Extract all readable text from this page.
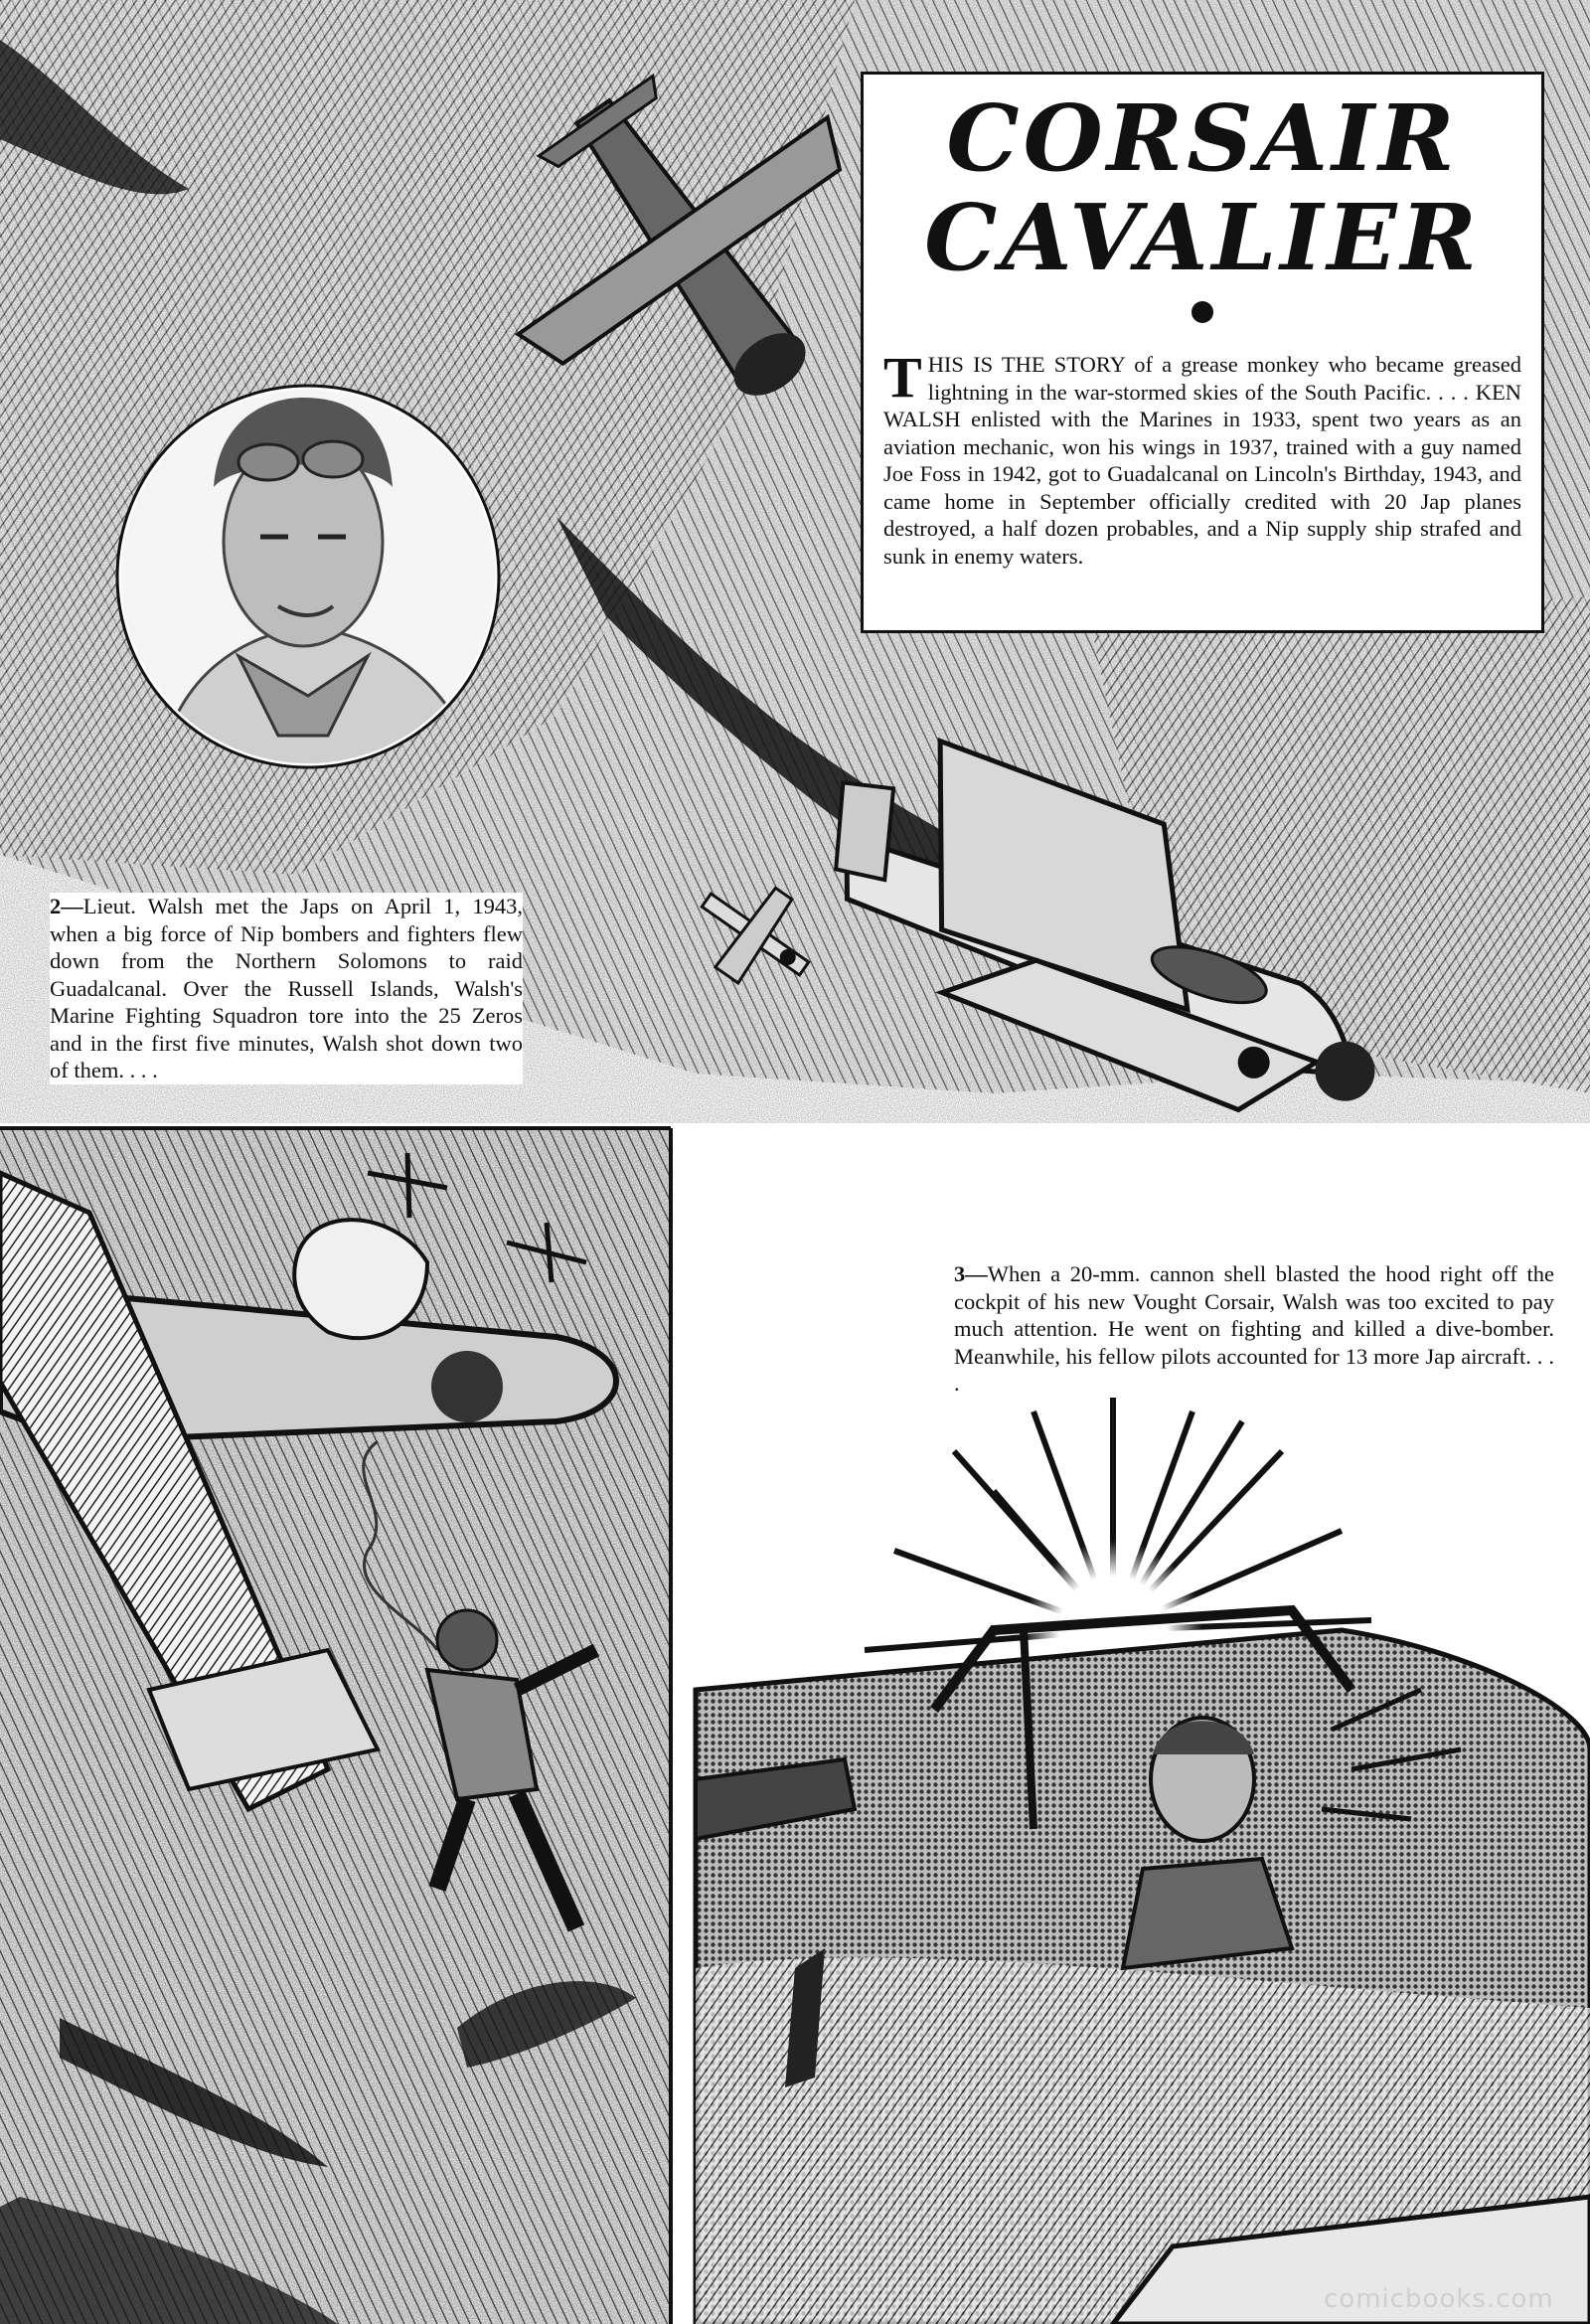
CORSAIR
CAVALIER
THIS IS THE STORY of a grease monkey who became greased lightning in the war-stormed skies of the South Pacific. . . . KEN WALSH enlisted with the Marines in 1933, spent two years as an aviation mechanic, won his wings in 1937, trained with a guy named Joe Foss in 1942, got to Guadalcanal on Lincoln's Birthday, 1943, and came home in September officially credited with 20 Jap planes destroyed, a half dozen probables, and a Nip supply ship strafed and sunk in enemy waters.
2—Lieut. Walsh met the Japs on April 1, 1943, when a big force of Nip bombers and fighters flew down from the Northern Solomons to raid Guadalcanal. Over the Russell Islands, Walsh's Marine Fighting Squadron tore into the 25 Zeros and in the first five minutes, Walsh shot down two of them. . . .
3—When a 20-mm. cannon shell blasted the hood right off the cockpit of his new Vought Corsair, Walsh was too excited to pay much attention. He went on fighting and killed a dive-bomber. Meanwhile, his fellow pilots accounted for 13 more Jap aircraft. . . .
comicbooks.com
